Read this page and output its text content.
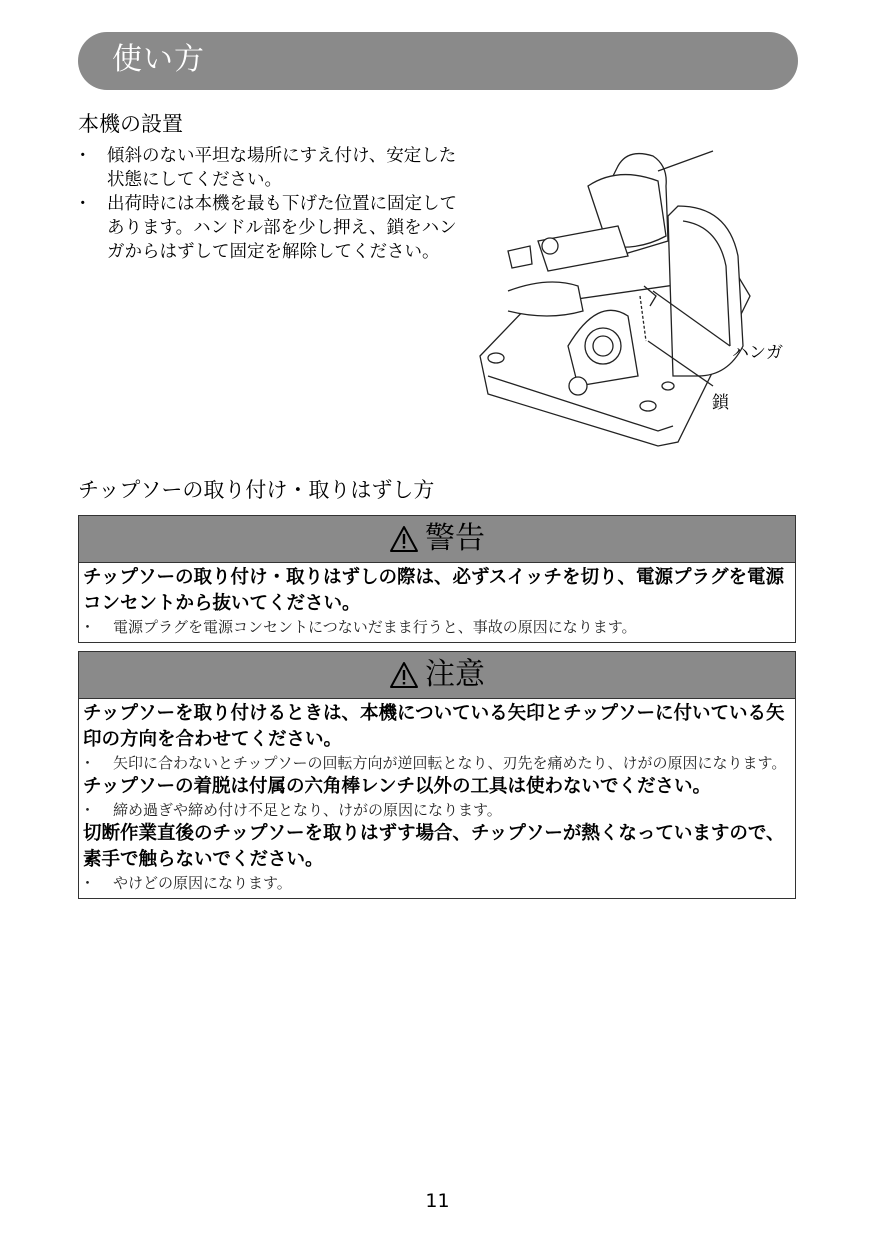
使い方
本機の設置
・ 傾斜のない平坦な場所にすえ付け、安定した状態にしてください。
・ 出荷時には本機を最も下げた位置に固定してあります。ハンドル部を少し押え、鎖をハンガからはずして固定を解除してください。
ハンガ
鎖
チップソーの取り付け・取りはずし方
警告
チップソーの取り付け・取りはずしの際は、必ずスイッチを切り、電源プラグを電源コンセントから抜いてください。
・ 電源プラグを電源コンセントにつないだまま行うと、事故の原因になります。
注意
チップソーを取り付けるときは、本機についている矢印とチップソーに付いている矢印の方向を合わせてください。
・ 矢印に合わないとチップソーの回転方向が逆回転となり、刃先を痛めたり、けがの原因になります。
チップソーの着脱は付属の六角棒レンチ以外の工具は使わないでください。
・ 締め過ぎや締め付け不足となり、けがの原因になります。
切断作業直後のチップソーを取りはずす場合、チップソーが熱くなっていますので、素手で触らないでください。
・ やけどの原因になります。
11
